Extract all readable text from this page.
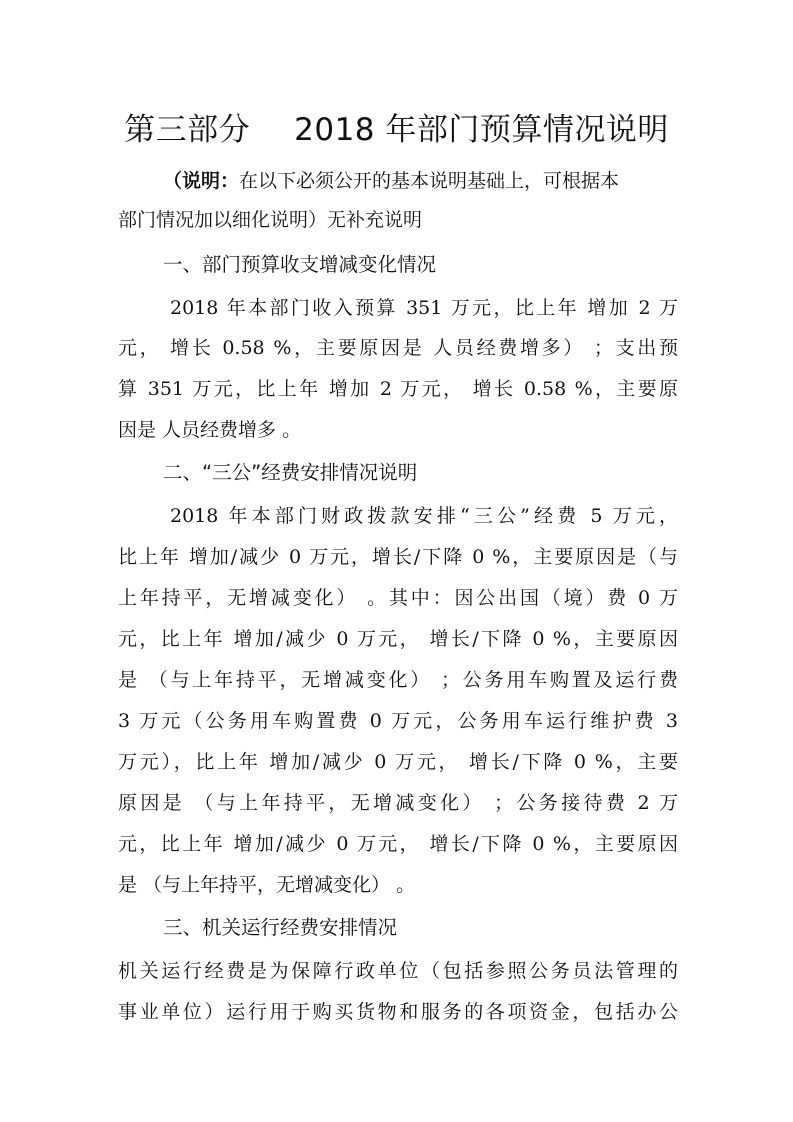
第三部分 2018 年部门预算情况说明
（说明：在以下必须公开的基本说明基础上，可根据本
部门情况加以细化说明）无补充说明
一、部门预算收支增减变化情况
2018 年本部门收入预算 351 万元，比上年 增加 2 万
元， 增长 0.58 %，主要原因是 人员经费增多） ；支出预
算 351 万元，比上年 增加 2 万元， 增长 0.58 %，主要原
因是 人员经费增多 。
二、“三公”经费安排情况说明
2018 年本部门财政拨款安排“三公”经费 5 万元，
比上年 增加/减少 0 万元，增长/下降 0 %，主要原因是（与
上年持平，无增减变化） 。其中：因公出国（境）费 0 万
元，比上年 增加/减少 0 万元， 增长/下降 0 %，主要原因
是 （与上年持平，无增减变化） ；公务用车购置及运行费
3 万元（公务用车购置费 0 万元，公务用车运行维护费 3
万元），比上年 增加/减少 0 万元， 增长/下降 0 %，主要
原因是 （与上年持平，无增减变化） ；公务接待费 2 万
元，比上年 增加/减少 0 万元， 增长/下降 0 %，主要原因
是 （与上年持平，无增减变化） 。
三、机关运行经费安排情况
机关运行经费是为保障行政单位（包括参照公务员法管理的
事业单位）运行用于购买货物和服务的各项资金，包括办公
